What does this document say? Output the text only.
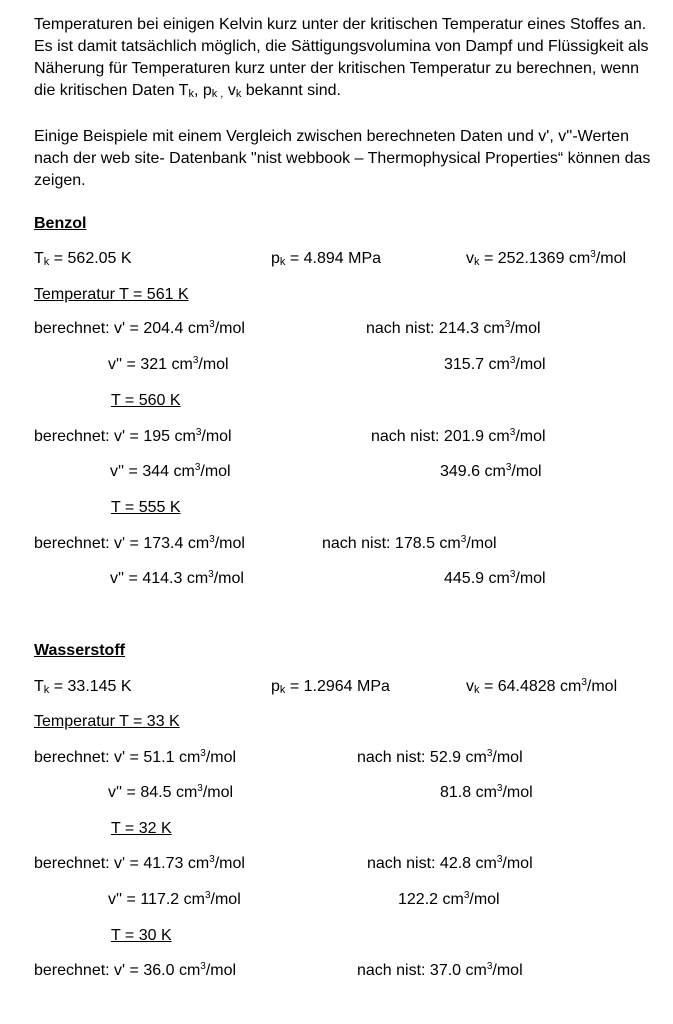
Temperaturen bei einigen Kelvin kurz unter der kritischen Temperatur eines Stoffes an. Es ist damit tatsächlich möglich, die Sättigungsvolumina von Dampf und Flüssigkeit als Näherung für Temperaturen kurz unter der kritischen Temperatur zu berechnen, wenn die kritischen Daten $T_k$, $p_{k ,}$ $v_k$ bekannt sind.

Einige Beispiele mit einem Vergleich zwischen berechneten Daten und v', v''-Werten nach der web site- Datenbank "nist webbook – Thermophysical Properties“ können das zeigen.

Benzol
$T_k = 562.05$ K	$p_k = 4.894$ MPa	$v_k = 252.1369$ $cm^3$/mol
Temperatur T = 561 K
berechnet: v' = 204.4 $cm^3$/mol	nach nist: 214.3 $cm^3$/mol
v'' = 321 $cm^3$/mol	315.7 $cm^3$/mol
T = 560 K
berechnet: v' = 195 $cm^3$/mol	nach nist: 201.9 $cm^3$/mol
v'' = 344 $cm^3$/mol	349.6 $cm^3$/mol
T = 555 K
berechnet: v' = 173.4 $cm^3$/mol	nach nist: 178.5 $cm^3$/mol
v'' = 414.3 $cm^3$/mol	445.9 $cm^3$/mol
Wasserstoff
$T_k = 33.145$ K	$p_k = 1.2964$ MPa	$v_k = 64.4828$ $cm^3$/mol
Temperatur T = 33 K
berechnet: v' = 51.1 $cm^3$/mol	nach nist: 52.9 $cm^3$/mol
v'' = 84.5 $cm^3$/mol	81.8 $cm^3$/mol
T = 32 K
berechnet: v' = 41.73 $cm^3$/mol	nach nist: 42.8 $cm^3$/mol
v'' = 117.2 $cm^3$/mol	122.2 $cm^3$/mol
T = 30 K
berechnet: v' = 36.0 $cm^3$/mol	nach nist: 37.0 $cm^3$/mol
